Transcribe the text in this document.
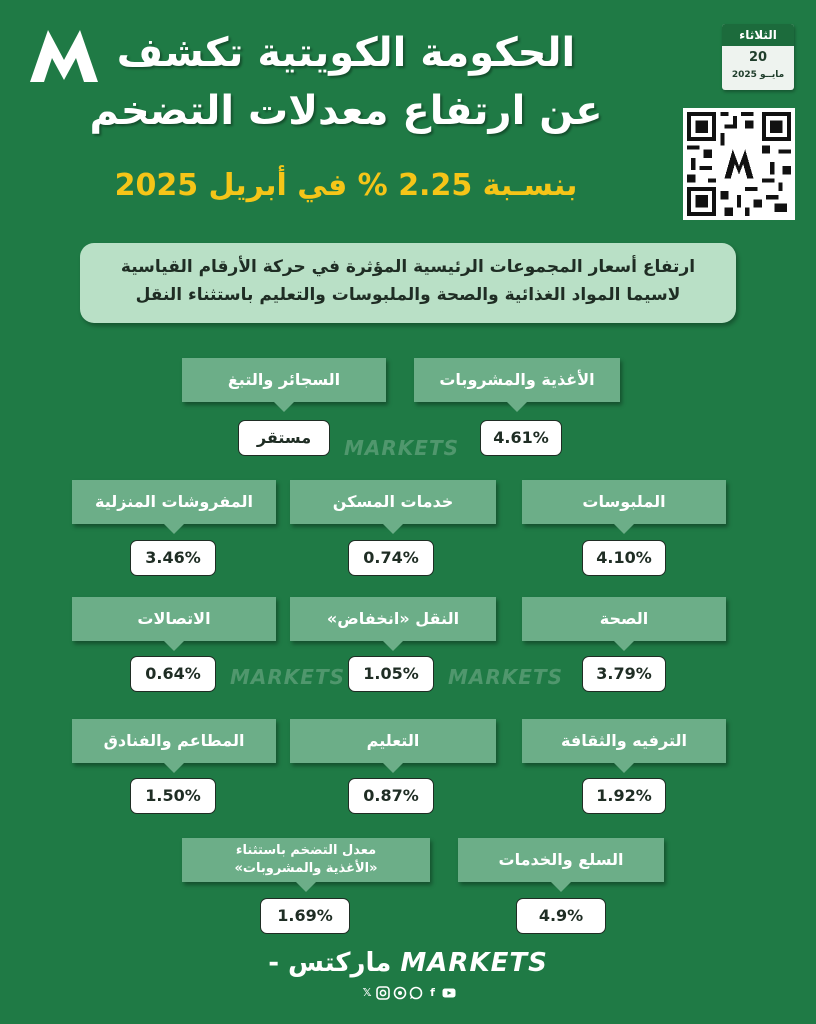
الثلاثاء
20
مايــو 2025
الحكومة الكويتية تكشف
عن ارتفاع معدلات التضخم
بنسـبة 2.25 % في أبريل 2025
ارتفاع أسعار المجموعات الرئيسية المؤثرة في حركة الأرقام القياسية
لاسيما المواد الغذائية والصحة والملبوسات والتعليم باستثناء النقل
الأغذية والمشروبات
4.61%
السجائر والتبغ
مستقر	MARKETS
الملبوسات
4.10%
خدمات المسكن
0.74%
المفروشات المنزلية
3.46%
الصحة
3.79%
النقل «انخفاض»
1.05%
الاتصالات
0.64%	MARKETS	MARKETS
الترفيه والثقافة
1.92%
التعليم
0.87%
المطاعم والفنادق
1.50%
السلع والخدمات
4.9%
معدل التضخم باستثناء
«الأغذية والمشروبات»
1.69%
MARKETS ماركتس -
𝕏	f
